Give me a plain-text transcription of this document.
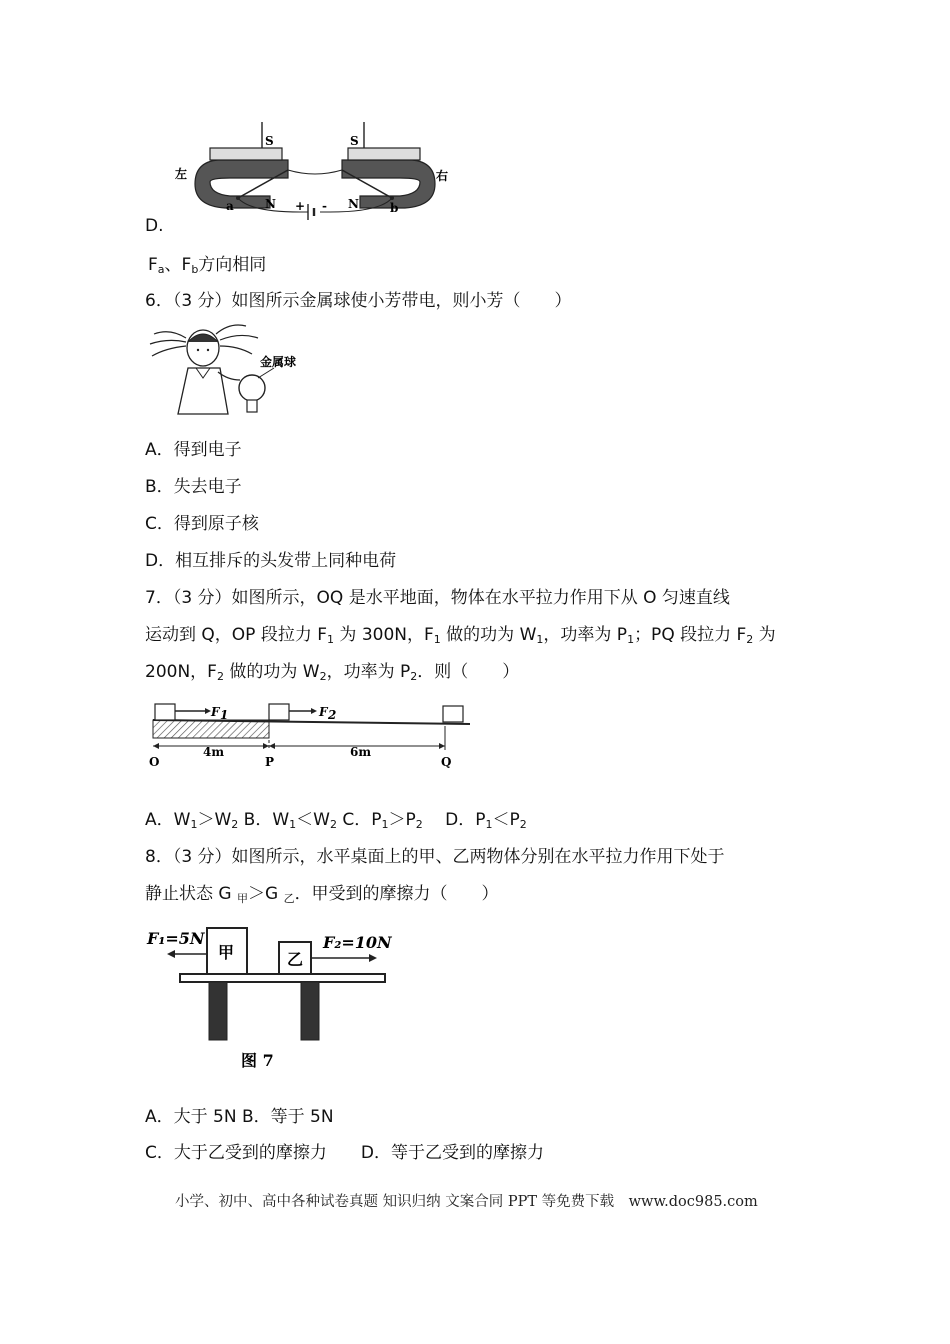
D.
S	S
左	右
a	N + - N	b
$F_a$、$F_b$方向相同
6．（3 分）如图所示金属球使小芳带电，则小芳（　　）
金属球
A．得到电子
B．失去电子
C．得到原子核
D．相互排斥的头发带上同种电荷
7．（3 分）如图所示，OQ 是水平地面，物体在水平拉力作用下从 O 匀速直线
运动到 Q，OP 段拉力 $F_1$ 为 300N，$F_1$ 做的功为 $W_1$，功率为 $P_1$；PQ 段拉力 $F_2$ 为
200N，$F_2$ 做的功为 $W_2$，功率为 $P_2$．则（　　）
F 1	F 2
4m	6m
O	P	Q
A．$W_1>W_2$ B．$W_1<W_2$ C．$P_1>P_2$　 D．$P_1<P_2$
8．（3 分）如图所示，水平桌面上的甲、乙两物体分别在水平拉力作用下处于
静止状态 G $_甲$＞G $_乙$．甲受到的摩擦力（　　）
F₁=5N
甲	乙
F₂=10N
图 7
A．大于 5N B．等于 5N
C．大于乙受到的摩擦力　　D．等于乙受到的摩擦力
小学、初中、高中各种试卷真题 知识归纳 文案合同 PPT 等免费下载　www.doc985.com
